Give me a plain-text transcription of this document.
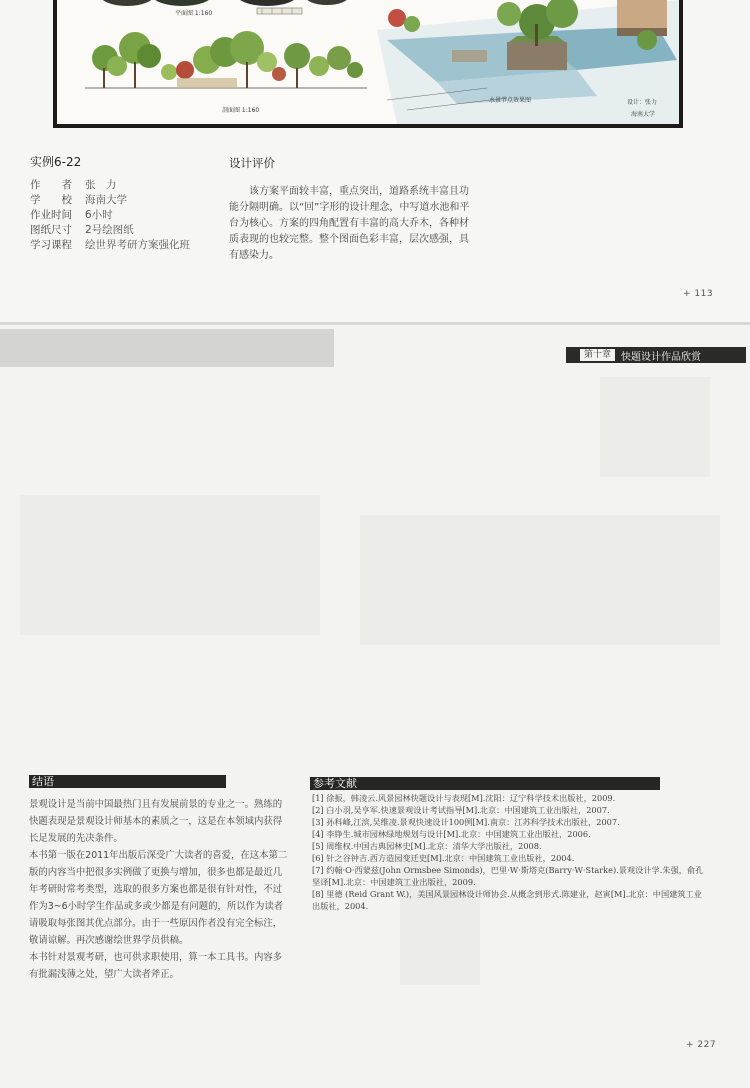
平面图 1:160
剖面图 1:160
水景节点效果图	设计：张力
海南大学
实例6-22
作　　者	张　力
学　　校	海南大学
作业时间	6小时
图纸尺寸	2号绘图纸
学习课程	绘世界考研方案强化班
设计评价
该方案平面较丰富，重点突出，道路系统丰富且功能分隔明确。以“回”字形的设计理念，中写道水池和平台为核心。方案的四角配置有丰富的高大乔木，各种材质表现的也较完整。整个图面色彩丰富，层次感强，具有感染力。
+ 113
第十章	快题设计作品欣赏
结语
景观设计是当前中国最热门且有发展前景的专业之一。熟练的快题表现是景观设计师基本的素质之一，这是在本领域内获得长足发展的先决条件。
本书第一版在2011年出版后深受广大读者的喜爱，在这本第二版的内容当中把很多实例做了更换与增加，很多也都是最近几年考研时常考类型，选取的很多方案也都是很有针对性，不过作为3~6小时学生作品或多或少都是有问题的，所以作为读者请吸取每张图其优点部分。由于一些原因作者没有完全标注，敬请谅解。再次感谢绘世界学员供稿。
本书针对景观考研，也可供求职使用，算一本工具书。内容多有批漏浅薄之处，望广大读者斧正。
参考文献
[1] 徐振，韩凌云.风景园林快题设计与表现[M].沈阳：辽宁科学技术出版社，2009.
[2] 白小羽,吴亨军.快速景观设计考试指导[M].北京：中国建筑工业出版社，2007.
[3] 孙科峰,江滨,吴维凌.景观快速设计100例[M].南京：江苏科学技术出版社，2007.
[4] 李铮生.城市园林绿地规划与设计[M].北京：中国建筑工业出版社，2006.
[5] 周维权.中国古典园林史[M].北京：清华大学出版社，2008.
[6] 针之谷钟吉.西方造园变迁史[M].北京：中国建筑工业出版社，2004.
[7] 约翰·O·西蒙兹(John Ormsbee Simonds)，巴里·W·斯塔克(Barry·W·Starke).景观设计学.朱强，俞孔坚译[M].北京：中国建筑工业出版社，2009.
[8] 里德 (Reid Grant W.)，美国风景园林设计师协会.从概念到形式.陈建业，赵寅[M].北京：中国建筑工业出版社，2004.
+ 227
